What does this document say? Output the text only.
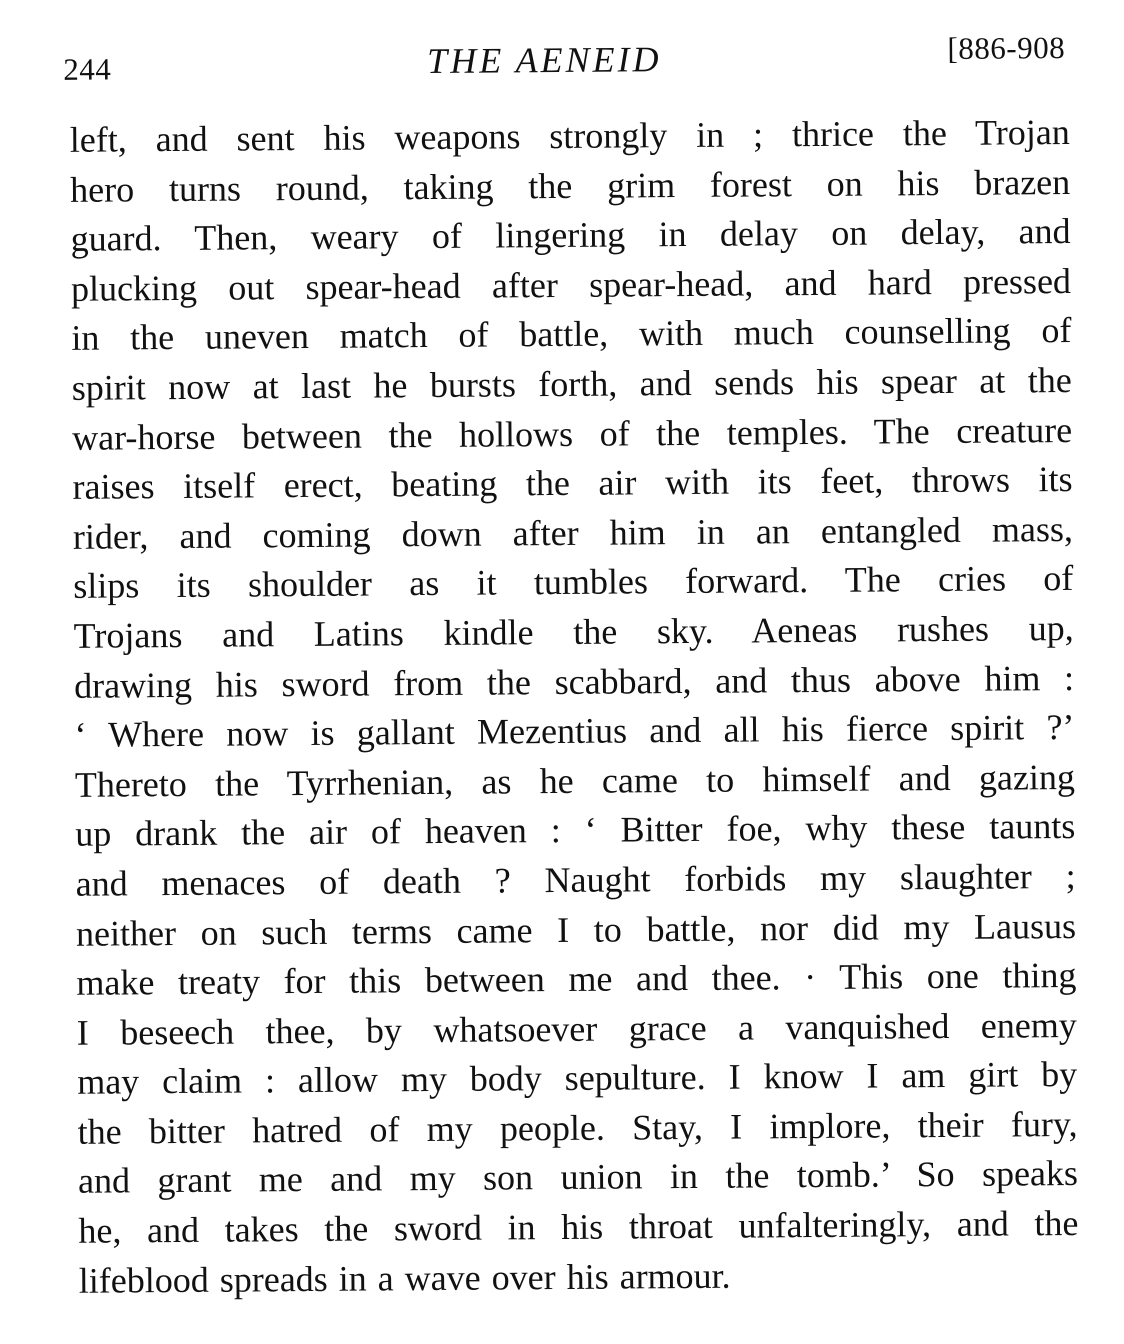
244	THE AENEID	[886-908
left, and sent his weapons strongly in ; thrice the Trojan
hero turns round, taking the grim forest on his brazen
guard. Then, weary of lingering in delay on delay, and
plucking out spear-head after spear-head, and hard pressed
in the uneven match of battle, with much counselling of
spirit now at last he bursts forth, and sends his spear at the
war-horse between the hollows of the temples. The creature
raises itself erect, beating the air with its feet, throws its
rider, and coming down after him in an entangled mass,
slips its shoulder as it tumbles forward. The cries of
Trojans and Latins kindle the sky. Aeneas rushes up,
drawing his sword from the scabbard, and thus above him :
‘ Where now is gallant Mezentius and all his fierce spirit ?’
Thereto the Tyrrhenian, as he came to himself and gazing
up drank the air of heaven : ‘ Bitter foe, why these taunts
and menaces of death ? Naught forbids my slaughter ;
neither on such terms came I to battle, nor did my Lausus
make treaty for this between me and thee. · This one thing
I beseech thee, by whatsoever grace a vanquished enemy
may claim : allow my body sepulture. I know I am girt by
the bitter hatred of my people. Stay, I implore, their fury,
and grant me and my son union in the tomb.’ So speaks
he, and takes the sword in his throat unfalteringly, and the
lifeblood spreads in a wave over his armour.
